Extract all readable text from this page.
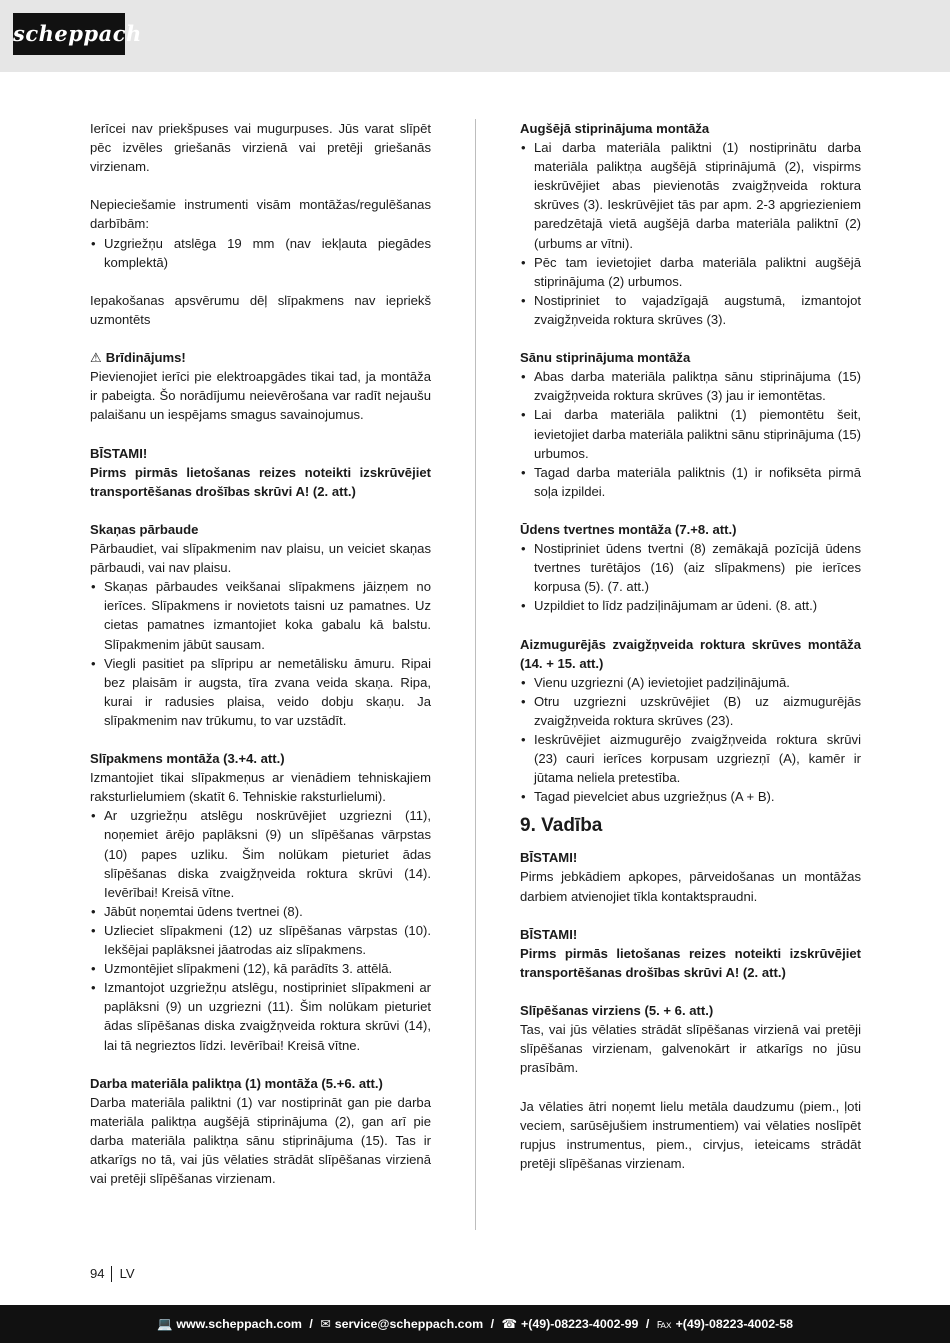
scheppach

Ierīcei nav priekšpuses vai mugurpuses. Jūs varat slīpēt pēc izvēles griešanās virzienā vai pretēji griešanās virzienam.

Nepieciešamie instrumenti visām montāžas/regulēšanas darbībām:

• Uzgriežņu atslēga 19 mm (nav iekļauta piegādes komplektā)

Iepakošanas apsvērumu dēļ slīpakmens nav iepriekš uzmontēts

⚠ Brīdinājums!

Pievienojiet ierīci pie elektroapgādes tikai tad, ja montāža ir pabeigta. Šo norādījumu neievērošana var radīt nejaušu palaišanu un iespējams smagus savainojumus.

BĪSTAMI!

Pirms pirmās lietošanas reizes noteikti izskrūvējiet transportēšanas drošības skrūvi A! (2. att.)

Skaņas pārbaude

Pārbaudiet, vai slīpakmenim nav plaisu, un veiciet skaņas pārbaudi, vai nav plaisu.

• Skaņas pārbaudes veikšanai slīpakmens jāizņem no ierīces. Slīpakmens ir novietots taisni uz pamatnes. Uz cietas pamatnes izmantojiet koka gabalu kā balstu. Slīpakmenim jābūt sausam.
• Viegli pasitiet pa slīpripu ar nemetālisku āmuru. Ripai bez plaisām ir augsta, tīra zvana veida skaņa. Ripa, kurai ir radusies plaisa, veido dobju skaņu. Ja slīpakmenim nav trūkumu, to var uzstādīt.
Slīpakmens montāža (3.+4. att.)

Izmantojiet tikai slīpakmeņus ar vienādiem tehniskajiem raksturlielumiem (skatīt 6. Tehniskie raksturlielumi).

• Ar uzgriežņu atslēgu noskrūvējiet uzgriezni (11), noņemiet ārējo paplāksni (9) un slīpēšanas vārpstas (10) papes uzliku. Šim nolūkam pieturiet ādas slīpēšanas diska zvaigžņveida roktura skrūvi (14). Ievērībai! Kreisā vītne.
• Jābūt noņemtai ūdens tvertnei (8).
• Uzlieciet slīpakmeni (12) uz slīpēšanas vārpstas (10). Iekšējai paplāksnei jāatrodas aiz slīpakmens.
• Uzmontējiet slīpakmeni (12), kā parādīts 3. attēlā.
• Izmantojot uzgriežņu atslēgu, nostipriniet slīpakmeni ar paplāksni (9) un uzgriezni (11). Šim nolūkam pieturiet ādas slīpēšanas diska zvaigžņveida roktura skrūvi (14), lai tā negrieztos līdzi. Ievērībai! Kreisā vītne.
Darba materiāla paliktņa (1) montāža (5.+6. att.)

Darba materiāla paliktni (1) var nostiprināt gan pie darba materiāla paliktņa augšējā stiprinājuma (2), gan arī pie darba materiāla paliktņa sānu stiprinājuma (15). Tas ir atkarīgs no tā, vai jūs vēlaties strādāt slīpēšanas virzienā vai pretēji slīpēšanas virzienam.

Augšējā stiprinājuma montāža
• Lai darba materiāla paliktni (1) nostiprinātu darba materiāla paliktņa augšējā stiprinājumā (2), vispirms ieskrūvējiet abas pievienotās zvaigžņveida roktura skrūves (3). Ieskrūvējiet tās par apm. 2-3 apgriezieniem paredzētajā vietā augšējā darba materiāla paliktnī (2) (urbums ar vītni).
• Pēc tam ievietojiet darba materiāla paliktni augšējā stiprinājuma (2) urbumos.
• Nostipriniet to vajadzīgajā augstumā, izmantojot zvaigžņveida roktura skrūves (3).
Sānu stiprinājuma montāža
• Abas darba materiāla paliktņa sānu stiprinājuma (15) zvaigžņveida roktura skrūves (3) jau ir iemontētas.
• Lai darba materiāla paliktni (1) piemontētu šeit, ievietojiet darba materiāla paliktni sānu stiprinājuma (15) urbumos.
• Tagad darba materiāla paliktnis (1) ir nofiksēta pirmā soļa izpildei.
Ūdens tvertnes montāža (7.+8. att.)
• Nostipriniet ūdens tvertni (8) zemākajā pozīcijā ūdens tvertnes turētājos (16) (aiz slīpakmens) pie ierīces korpusa (5). (7. att.)
• Uzpildiet to līdz padziļinājumam ar ūdeni. (8. att.)
Aizmugurējās zvaigžņveida roktura skrūves montāža (14. + 15. att.)
• Vienu uzgriezni (A) ievietojiet padziļinājumā.
• Otru uzgriezni uzskrūvējiet (B) uz aizmugurējās zvaigžņveida roktura skrūves (23).
• Ieskrūvējiet aizmugurējo zvaigžņveida roktura skrūvi (23) cauri ierīces korpusam uzgriezņī (A), kamēr ir jūtama neliela pretestība.
• Tagad pievelciet abus uzgriežņus (A + B).
9. Vadība
BĪSTAMI!

Pirms jebkādiem apkopes, pārveidošanas un montāžas darbiem atvienojiet tīkla kontaktspraudni.

BĪSTAMI!

Pirms pirmās lietošanas reizes noteikti izskrūvējiet transportēšanas drošības skrūvi A! (2. att.)

Slīpēšanas virziens (5. + 6. att.)

Tas, vai jūs vēlaties strādāt slīpēšanas virzienā vai pretēji slīpēšanas virzienam, galvenokārt ir atkarīgs no jūsu prasībām.

Ja vēlaties ātri noņemt lielu metāla daudzumu (piem., ļoti veciem, sarūsējušiem instrumentiem) vai vēlaties noslīpēt rupjus instrumentus, piem., cirvjus, ieteicams strādāt pretēji slīpēšanas virzienam.

94 LV
💻 www.scheppach.com / ✉ service@scheppach.com / ☎ +(49)-08223-4002-99 / ℻ +(49)-08223-4002-58
